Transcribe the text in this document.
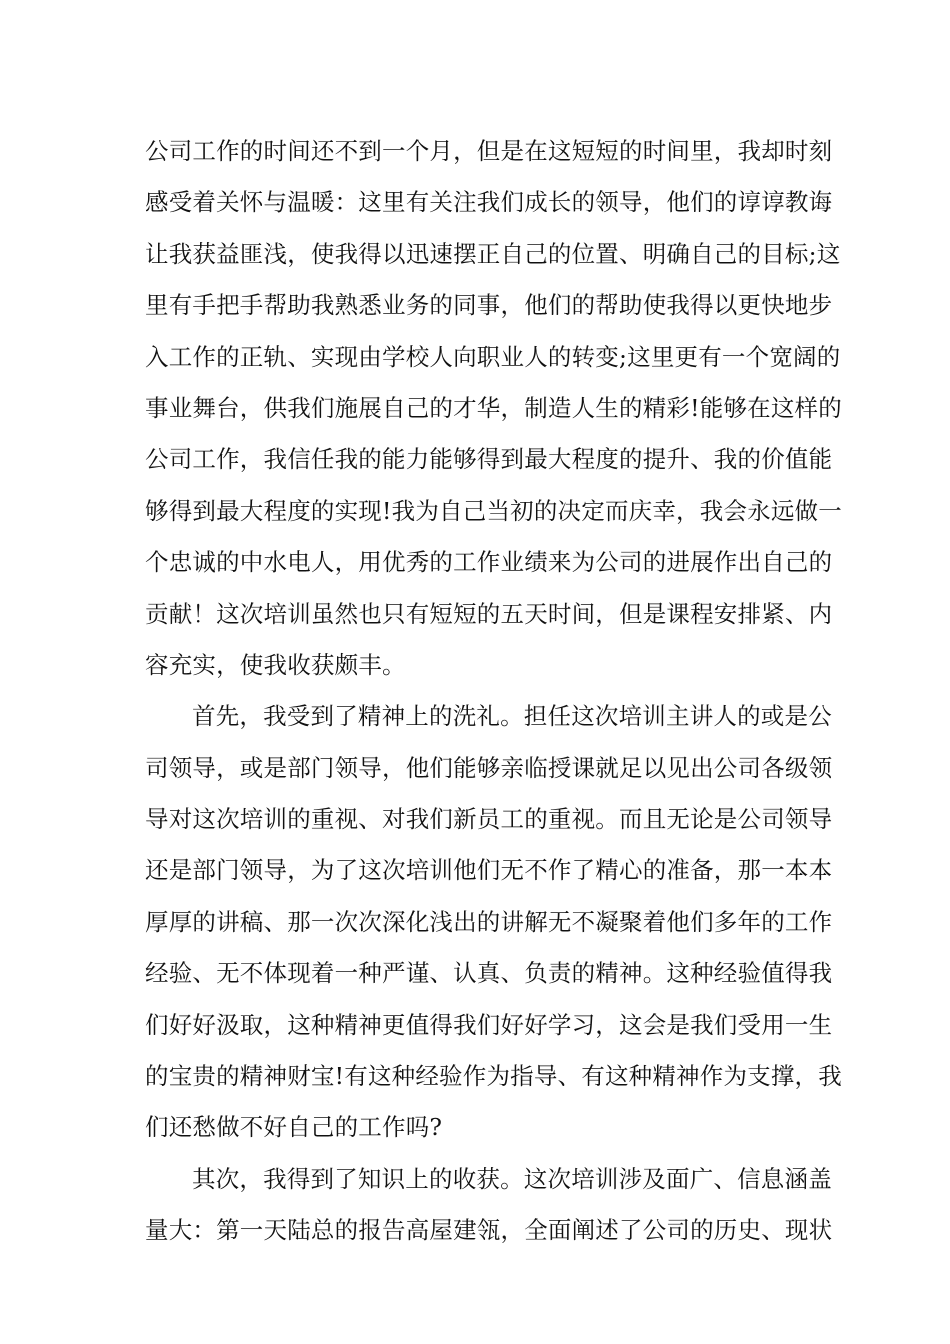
公司工作的时间还不到一个月，但是在这短短的时间里，我却时刻
感受着关怀与温暖：这里有关注我们成长的领导，他们的谆谆教诲
让我获益匪浅，使我得以迅速摆正自己的位置、明确自己的目标;这
里有手把手帮助我熟悉业务的同事，他们的帮助使我得以更快地步
入工作的正轨、实现由学校人向职业人的转变;这里更有一个宽阔的
事业舞台，供我们施展自己的才华，制造人生的精彩!能够在这样的
公司工作，我信任我的能力能够得到最大程度的提升、我的价值能
够得到最大程度的实现!我为自己当初的决定而庆幸，我会永远做一
个忠诚的中水电人，用优秀的工作业绩来为公司的进展作出自己的
贡献！这次培训虽然也只有短短的五天时间，但是课程安排紧、内
容充实，使我收获颇丰。
首先，我受到了精神上的洗礼。担任这次培训主讲人的或是公
司领导，或是部门领导，他们能够亲临授课就足以见出公司各级领
导对这次培训的重视、对我们新员工的重视。而且无论是公司领导
还是部门领导，为了这次培训他们无不作了精心的准备，那一本本
厚厚的讲稿、那一次次深化浅出的讲解无不凝聚着他们多年的工作
经验、无不体现着一种严谨、认真、负责的精神。这种经验值得我
们好好汲取，这种精神更值得我们好好学习，这会是我们受用一生
的宝贵的精神财宝!有这种经验作为指导、有这种精神作为支撑，我
们还愁做不好自己的工作吗?
其次，我得到了知识上的收获。这次培训涉及面广、信息涵盖
量大：第一天陆总的报告高屋建瓴，全面阐述了公司的历史、现状
